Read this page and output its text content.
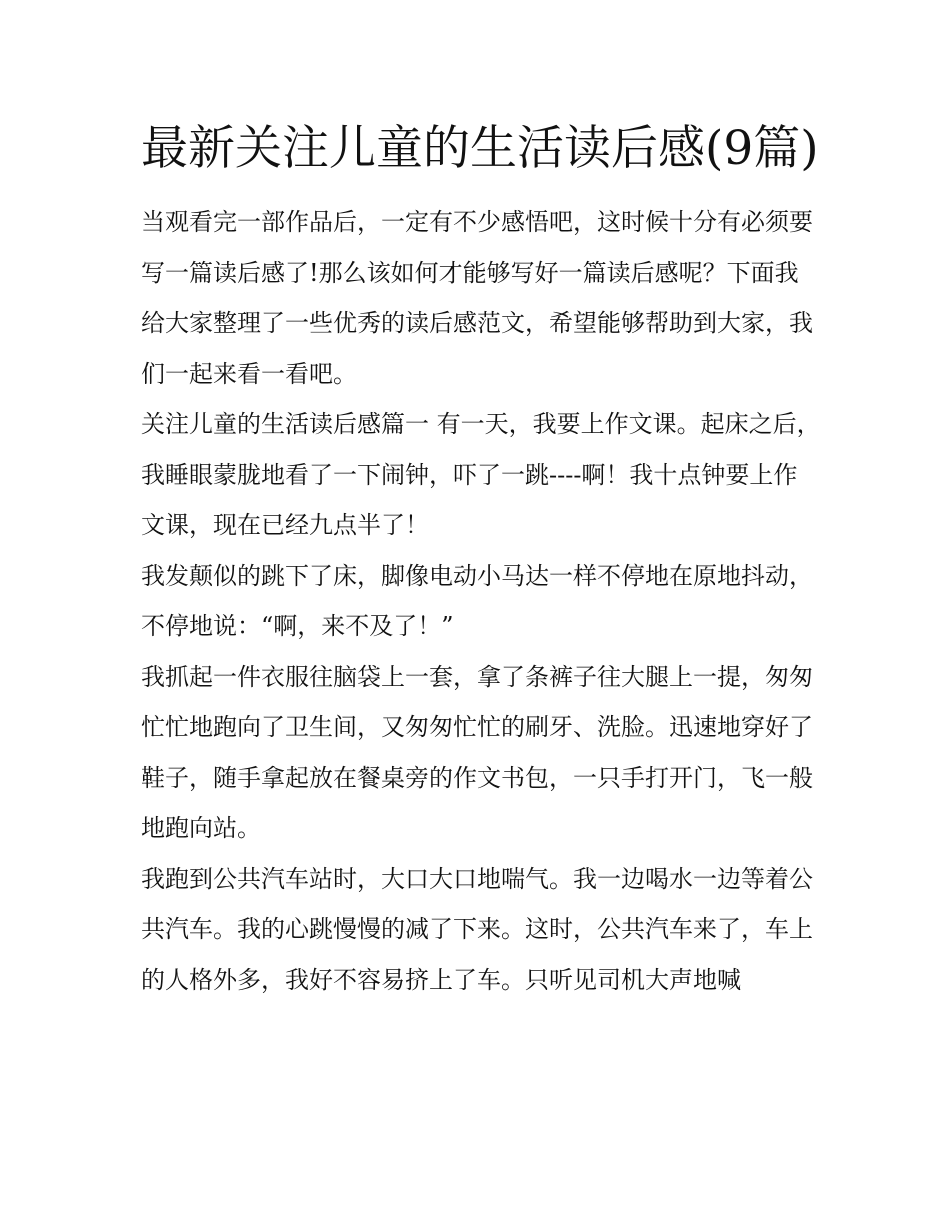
最新关注儿童的生活读后感(9篇)

当观看完一部作品后，一定有不少感悟吧，这时候十分有必须要写一篇读后感了!那么该如何才能够写好一篇读后感呢？下面我给大家整理了一些优秀的读后感范文，希望能够帮助到大家，我们一起来看一看吧。

关注儿童的生活读后感篇一 有一天，我要上作文课。起床之后，我睡眼蒙胧地看了一下闹钟，吓了一跳----啊！我十点钟要上作文课，现在已经九点半了！

我发颠似的跳下了床，脚像电动小马达一样不停地在原地抖动，不停地说：“啊，来不及了！”

我抓起一件衣服往脑袋上一套，拿了条裤子往大腿上一提，匆匆忙忙地跑向了卫生间，又匆匆忙忙的刷牙、洗脸。迅速地穿好了鞋子，随手拿起放在餐桌旁的作文书包，一只手打开门，飞一般地跑向站。

我跑到公共汽车站时，大口大口地喘气。我一边喝水一边等着公共汽车。我的心跳慢慢的减了下来。这时，公共汽车来了，车上的人格外多，我好不容易挤上了车。只听见司机大声地喊
